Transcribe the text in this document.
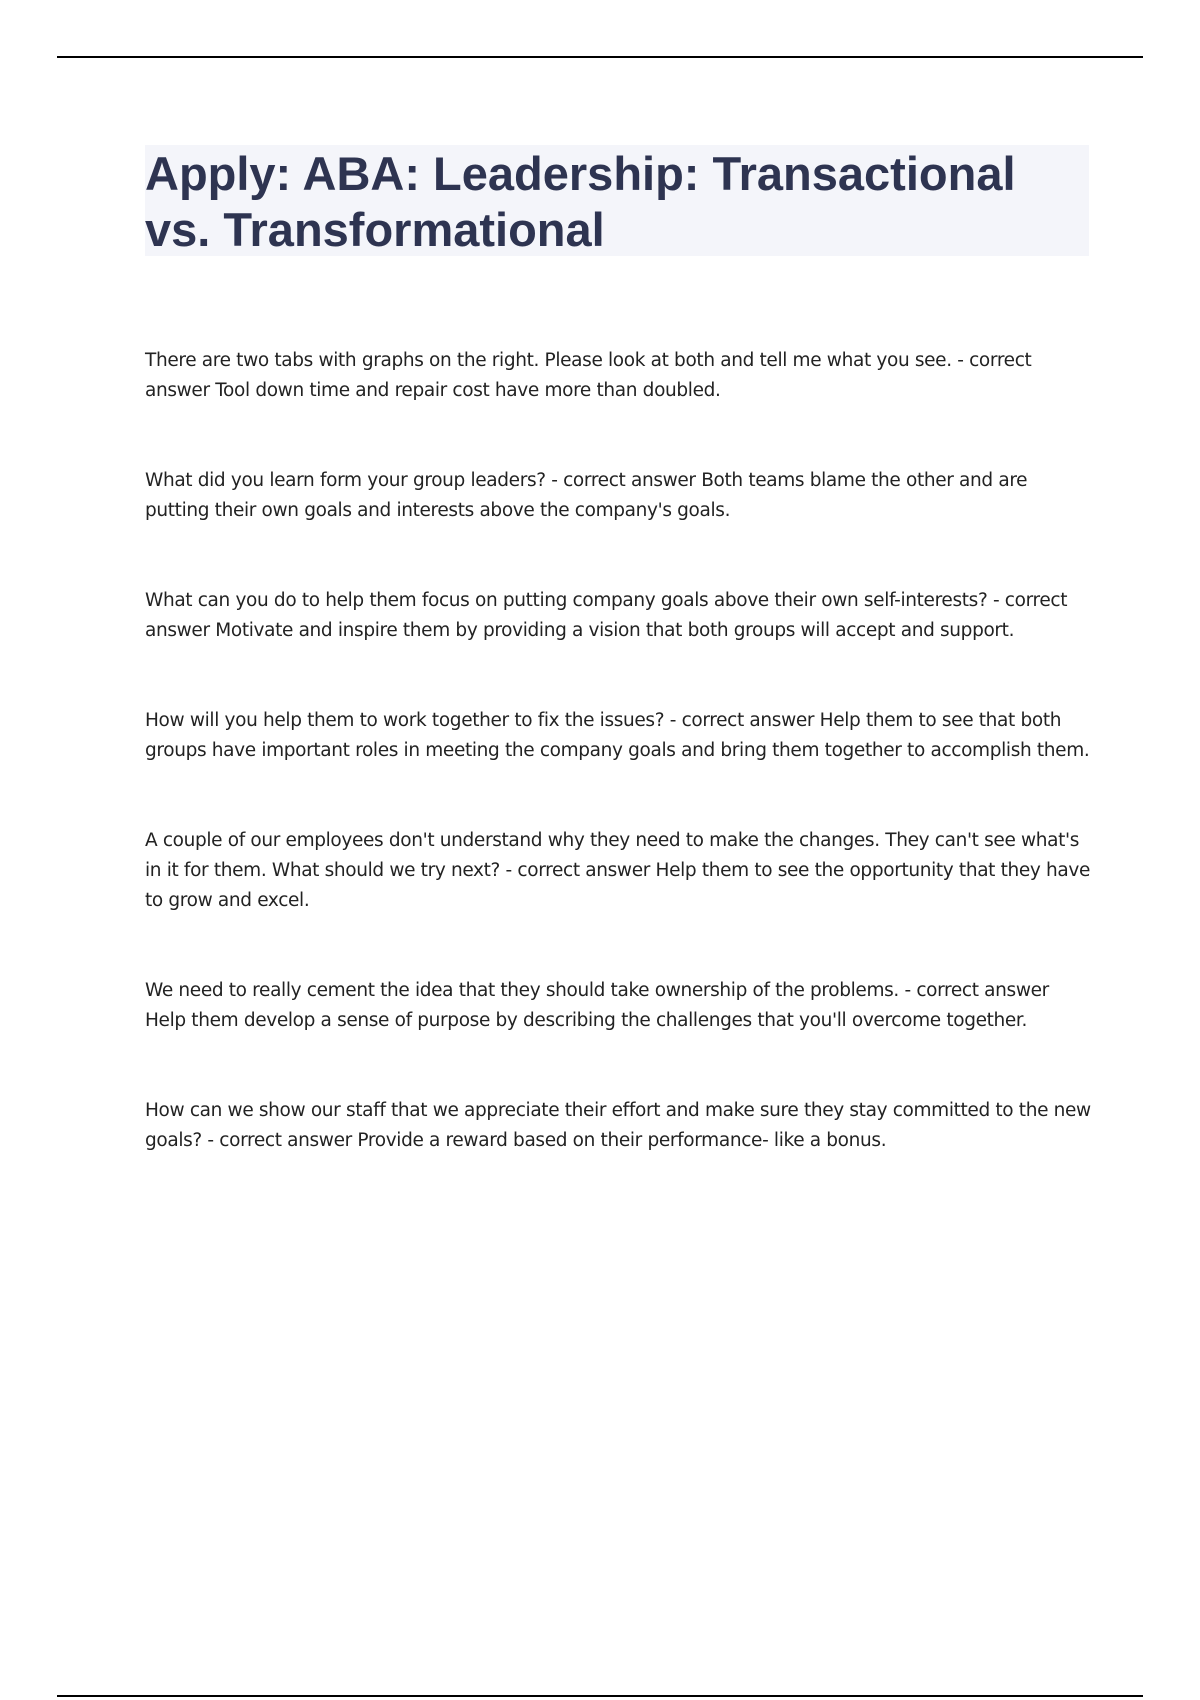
Apply: ABA: Leadership: Transactional vs. Transformational

There are two tabs with graphs on the right. Please look at both and tell me what you see. - correct answer Tool down time and repair cost have more than doubled.

What did you learn form your group leaders? - correct answer Both teams blame the other and are putting their own goals and interests above the company's goals.

What can you do to help them focus on putting company goals above their own self-interests? - correct answer Motivate and inspire them by providing a vision that both groups will accept and support.

How will you help them to work together to fix the issues? - correct answer Help them to see that both groups have important roles in meeting the company goals and bring them together to accomplish them.

A couple of our employees don't understand why they need to make the changes. They can't see what's in it for them. What should we try next? - correct answer Help them to see the opportunity that they have to grow and excel.

We need to really cement the idea that they should take ownership of the problems. - correct answer Help them develop a sense of purpose by describing the challenges that you'll overcome together.

How can we show our staff that we appreciate their effort and make sure they stay committed to the new goals? - correct answer Provide a reward based on their performance- like a bonus.
